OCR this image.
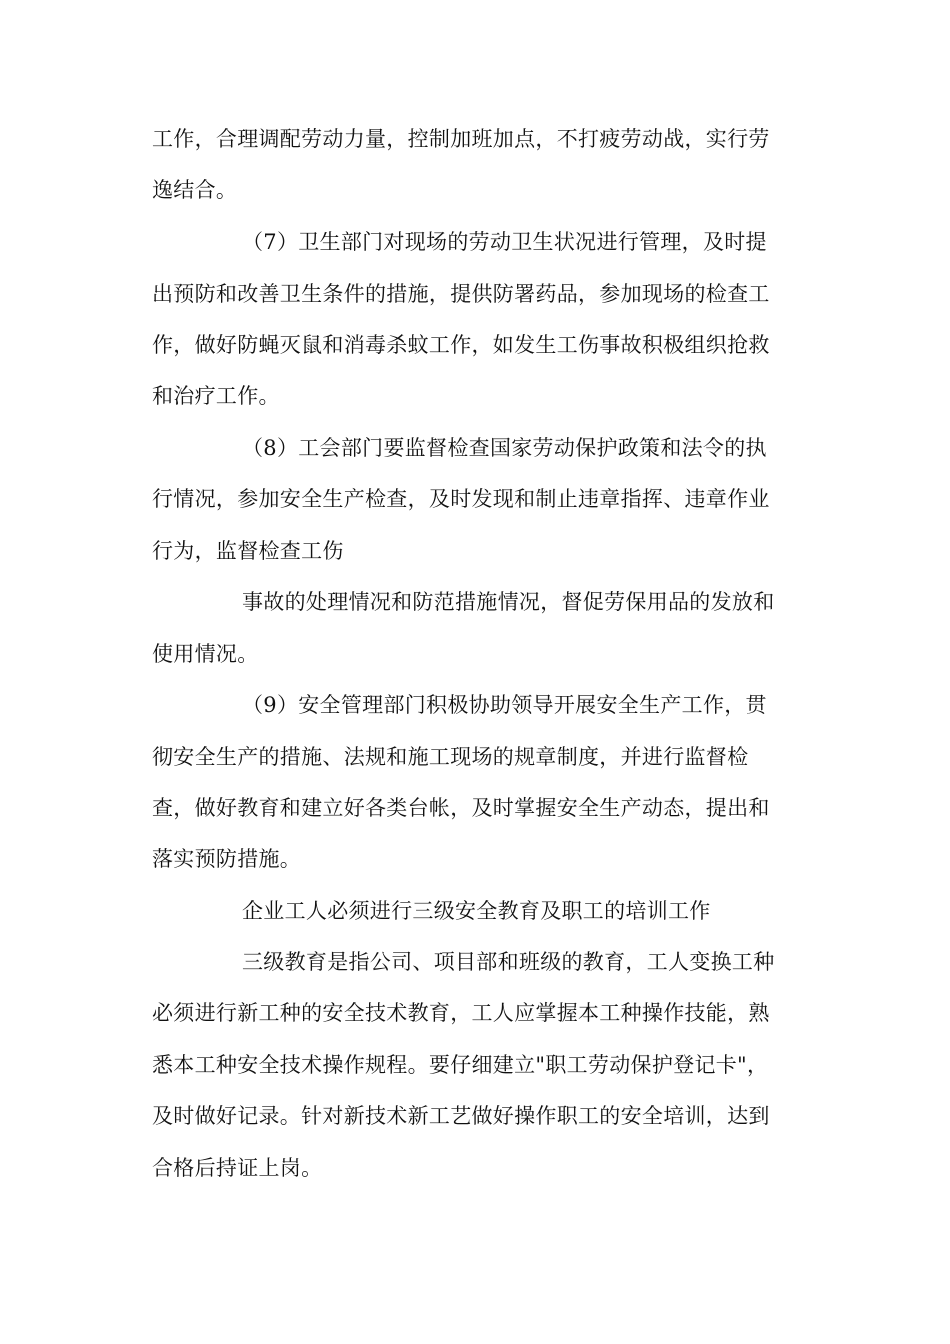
工作，合理调配劳动力量，控制加班加点，不打疲劳动战，实行劳
逸结合。
（7）卫生部门对现场的劳动卫生状况进行管理，及时提
出预防和改善卫生条件的措施，提供防署药品，参加现场的检查工
作，做好防蝇灭鼠和消毒杀蚊工作，如发生工伤事故积极组织抢救
和治疗工作。
（8）工会部门要监督检查国家劳动保护政策和法令的执
行情况，参加安全生产检查，及时发现和制止违章指挥、违章作业
行为，监督检查工伤
事故的处理情况和防范措施情况，督促劳保用品的发放和
使用情况。
（9）安全管理部门积极协助领导开展安全生产工作，贯
彻安全生产的措施、法规和施工现场的规章制度，并进行监督检
查，做好教育和建立好各类台帐，及时掌握安全生产动态，提出和
落实预防措施。
企业工人必须进行三级安全教育及职工的培训工作
三级教育是指公司、项目部和班级的教育，工人变换工种
必须进行新工种的安全技术教育，工人应掌握本工种操作技能，熟
悉本工种安全技术操作规程。要仔细建立"职工劳动保护登记卡"，
及时做好记录。针对新技术新工艺做好操作职工的安全培训，达到
合格后持证上岗。
